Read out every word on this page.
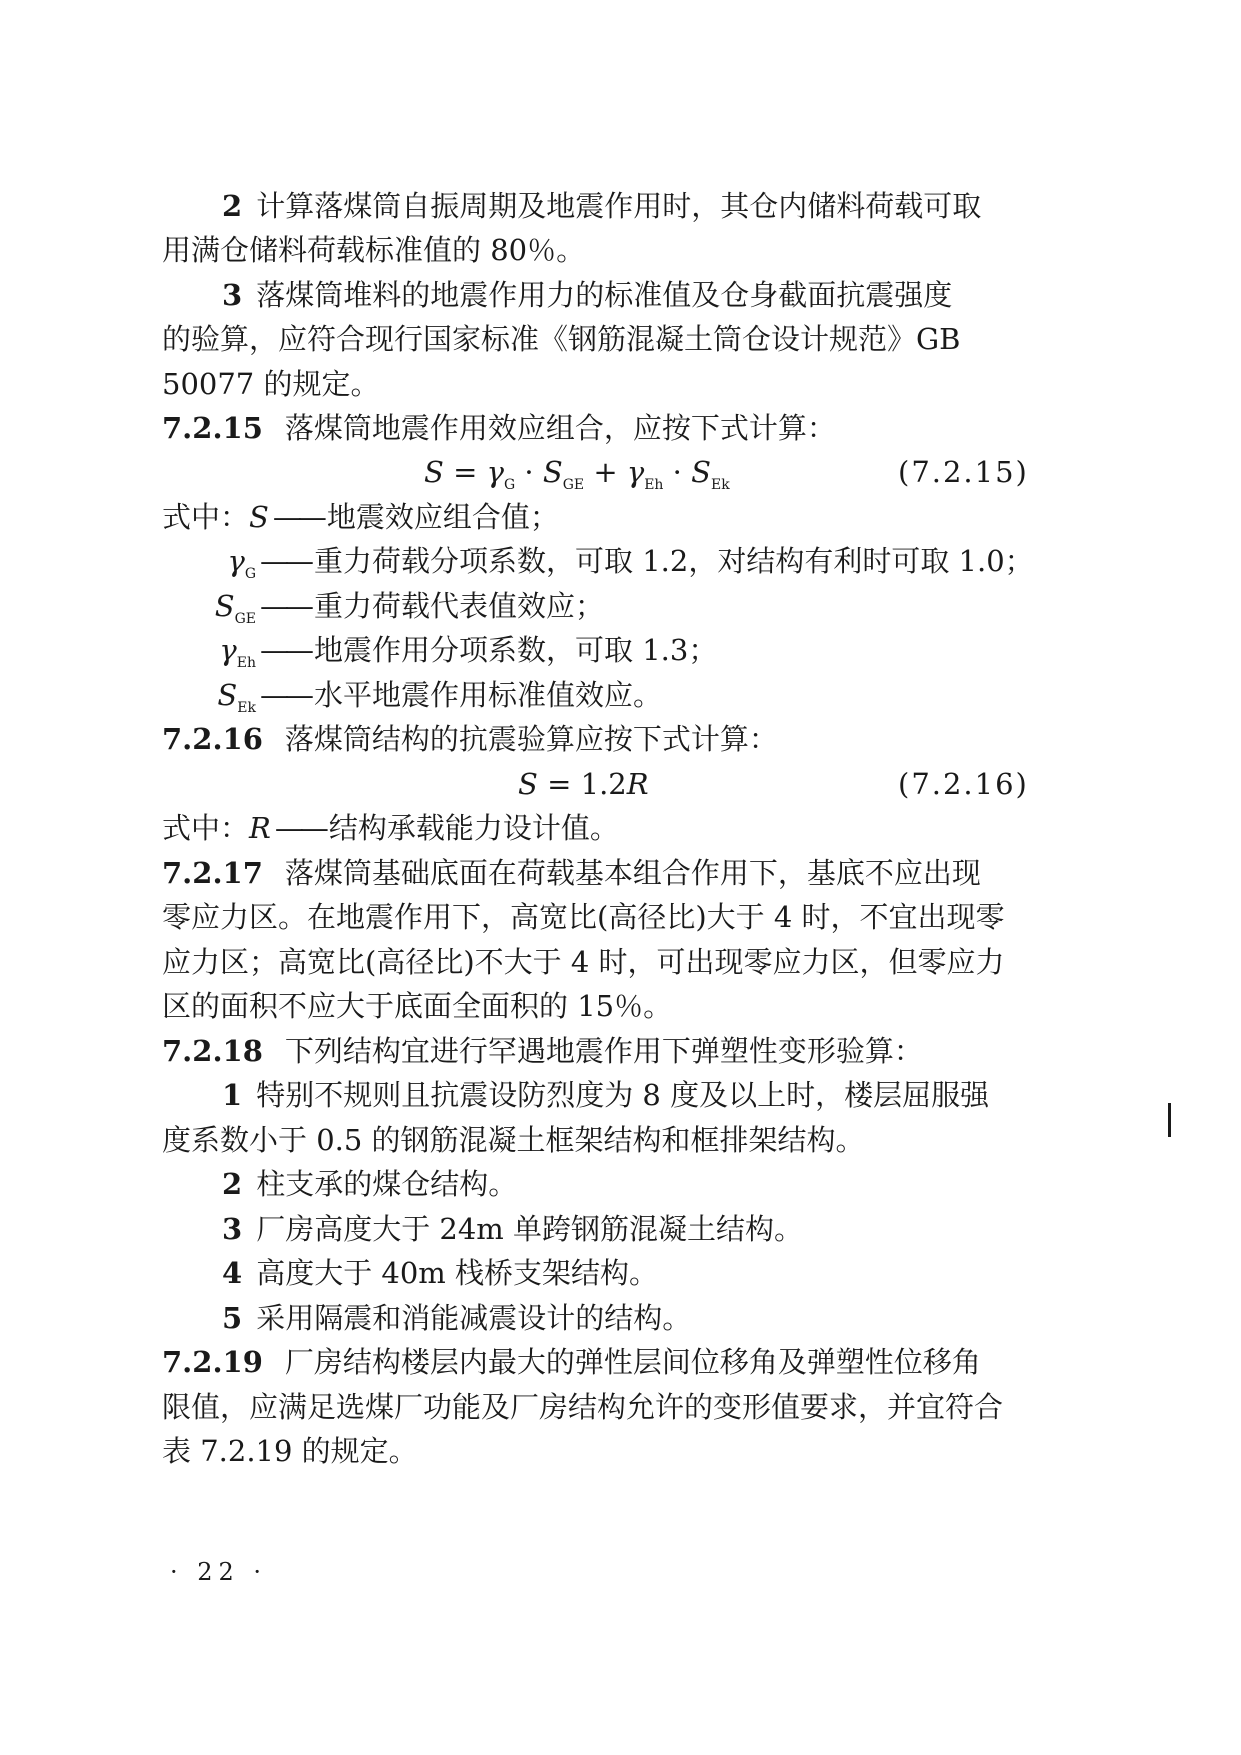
2 计算落煤筒自振周期及地震作用时，其仓内储料荷载可取
用满仓储料荷载标准值的 80％。
3 落煤筒堆料的地震作用力的标准值及仓身截面抗震强度
的验算，应符合现行国家标准《钢筋混凝土筒仓设计规范》GB
50077 的规定。
7.2.15 落煤筒地震作用效应组合，应按下式计算：
$S = \gamma_G \cdot S_{GE} + \gamma_{Eh} \cdot S_{Ek}$	(7.2.15)
式中：S —— 地震效应组合值；
$\gamma_G$ —— 重力荷载分项系数，可取 1.2，对结构有利时可取 1.0；
$S_{GE}$ —— 重力荷载代表值效应；
$\gamma_{Eh}$ —— 地震作用分项系数，可取 1.3；
$S_{Ek}$ —— 水平地震作用标准值效应。
7.2.16 落煤筒结构的抗震验算应按下式计算：
S = 1.2R	(7.2.16)
式中：R —— 结构承载能力设计值。
7.2.17 落煤筒基础底面在荷载基本组合作用下，基底不应出现
零应力区。在地震作用下，高宽比(高径比)大于 4 时，不宜出现零
应力区；高宽比(高径比)不大于 4 时，可出现零应力区，但零应力
区的面积不应大于底面全面积的 15％。
7.2.18 下列结构宜进行罕遇地震作用下弹塑性变形验算：
1 特别不规则且抗震设防烈度为 8 度及以上时，楼层屈服强
度系数小于 0.5 的钢筋混凝土框架结构和框排架结构。
2 柱支承的煤仓结构。
3 厂房高度大于 24m 单跨钢筋混凝土结构。
4 高度大于 40m 栈桥支架结构。
5 采用隔震和消能减震设计的结构。
7.2.19 厂房结构楼层内最大的弹性层间位移角及弹塑性位移角
限值，应满足选煤厂功能及厂房结构允许的变形值要求，并宜符合
表 7.2.19 的规定。
· 22 ·
